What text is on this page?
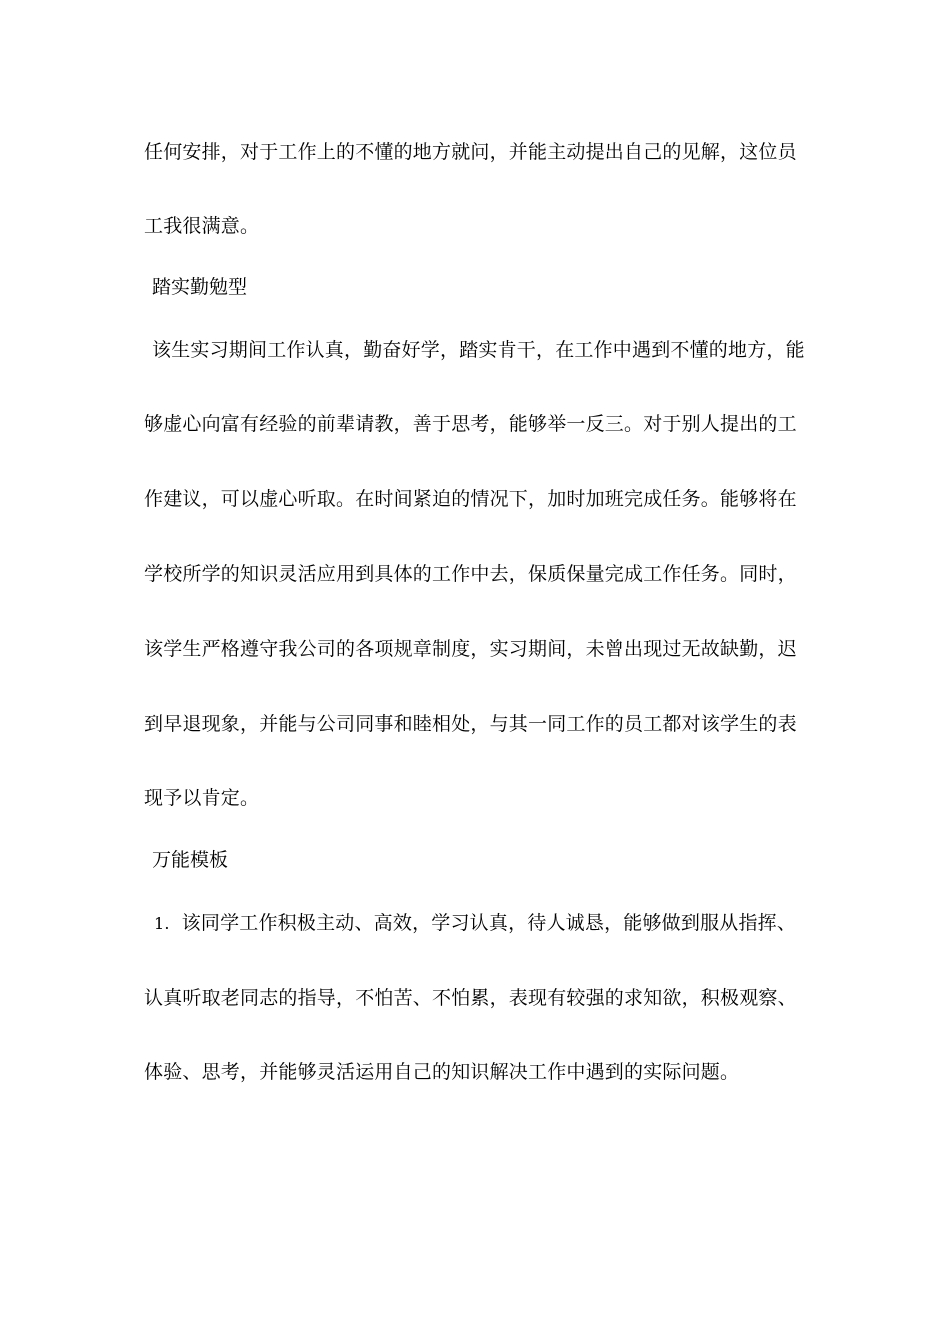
任何安排，对于工作上的不懂的地方就问，并能主动提出自己的见解，这位员
工我很满意。
踏实勤勉型
该生实习期间工作认真，勤奋好学，踏实肯干，在工作中遇到不懂的地方，能
够虚心向富有经验的前辈请教，善于思考，能够举一反三。对于别人提出的工
作建议，可以虚心听取。在时间紧迫的情况下，加时加班完成任务。能够将在
学校所学的知识灵活应用到具体的工作中去，保质保量完成工作任务。同时，
该学生严格遵守我公司的各项规章制度，实习期间，未曾出现过无故缺勤，迟
到早退现象，并能与公司同事和睦相处，与其一同工作的员工都对该学生的表
现予以肯定。
万能模板
1. 该同学工作积极主动、高效，学习认真，待人诚恳，能够做到服从指挥、
认真听取老同志的指导，不怕苦、不怕累，表现有较强的求知欲，积极观察、
体验、思考，并能够灵活运用自己的知识解决工作中遇到的实际问题。
